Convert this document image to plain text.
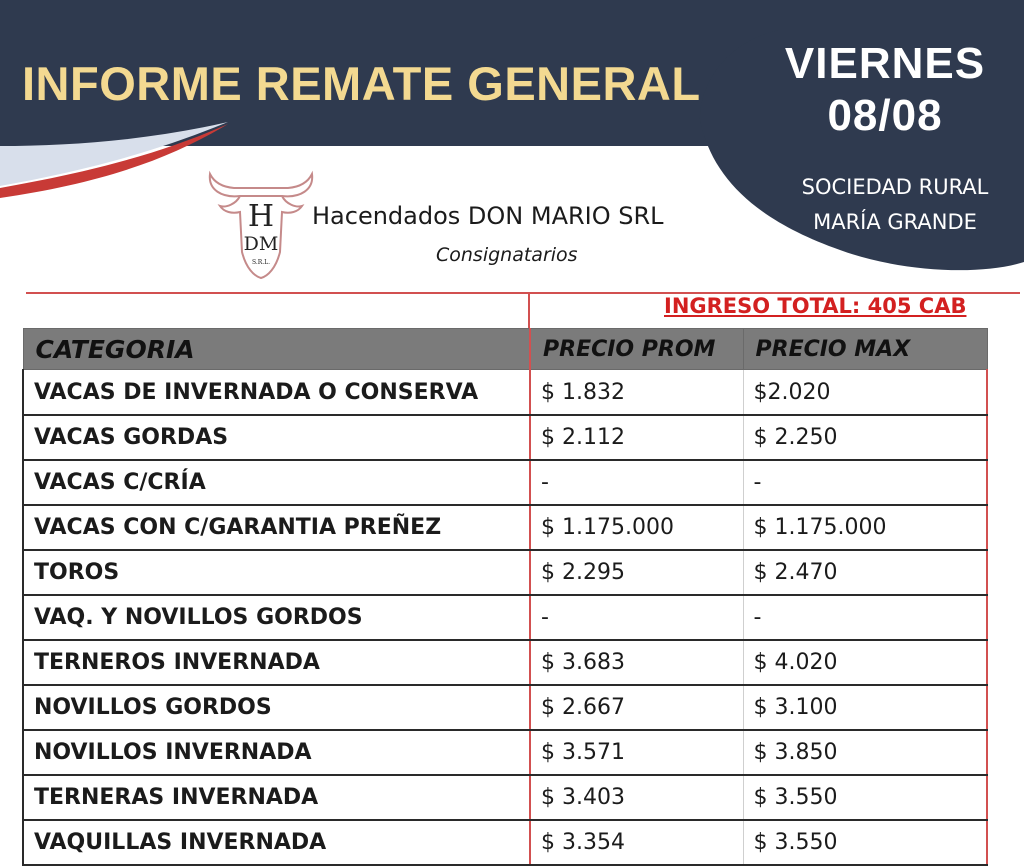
INFORME REMATE GENERAL	VIERNES
08/08
SOCIEDAD RURAL
MARÍA GRANDE
H
DM
S.R.L.
Hacendados DON MARIO SRL
Consignatarios
INGRESO TOTAL: 405 CAB
CATEGORIA	PRECIO PROM	PRECIO MAX
VACAS DE INVERNADA O CONSERVA	$ 1.832	$2.020
VACAS GORDAS	$ 2.112	$ 2.250
VACAS C/CRÍA	-	-
VACAS CON C/GARANTIA PREÑEZ	$ 1.175.000	$ 1.175.000
TOROS	$ 2.295	$ 2.470
VAQ. Y NOVILLOS GORDOS	-	-
TERNEROS INVERNADA	$ 3.683	$ 4.020
NOVILLOS GORDOS	$ 2.667	$ 3.100
NOVILLOS INVERNADA	$ 3.571	$ 3.850
TERNERAS INVERNADA	$ 3.403	$ 3.550
VAQUILLAS INVERNADA	$ 3.354	$ 3.550
